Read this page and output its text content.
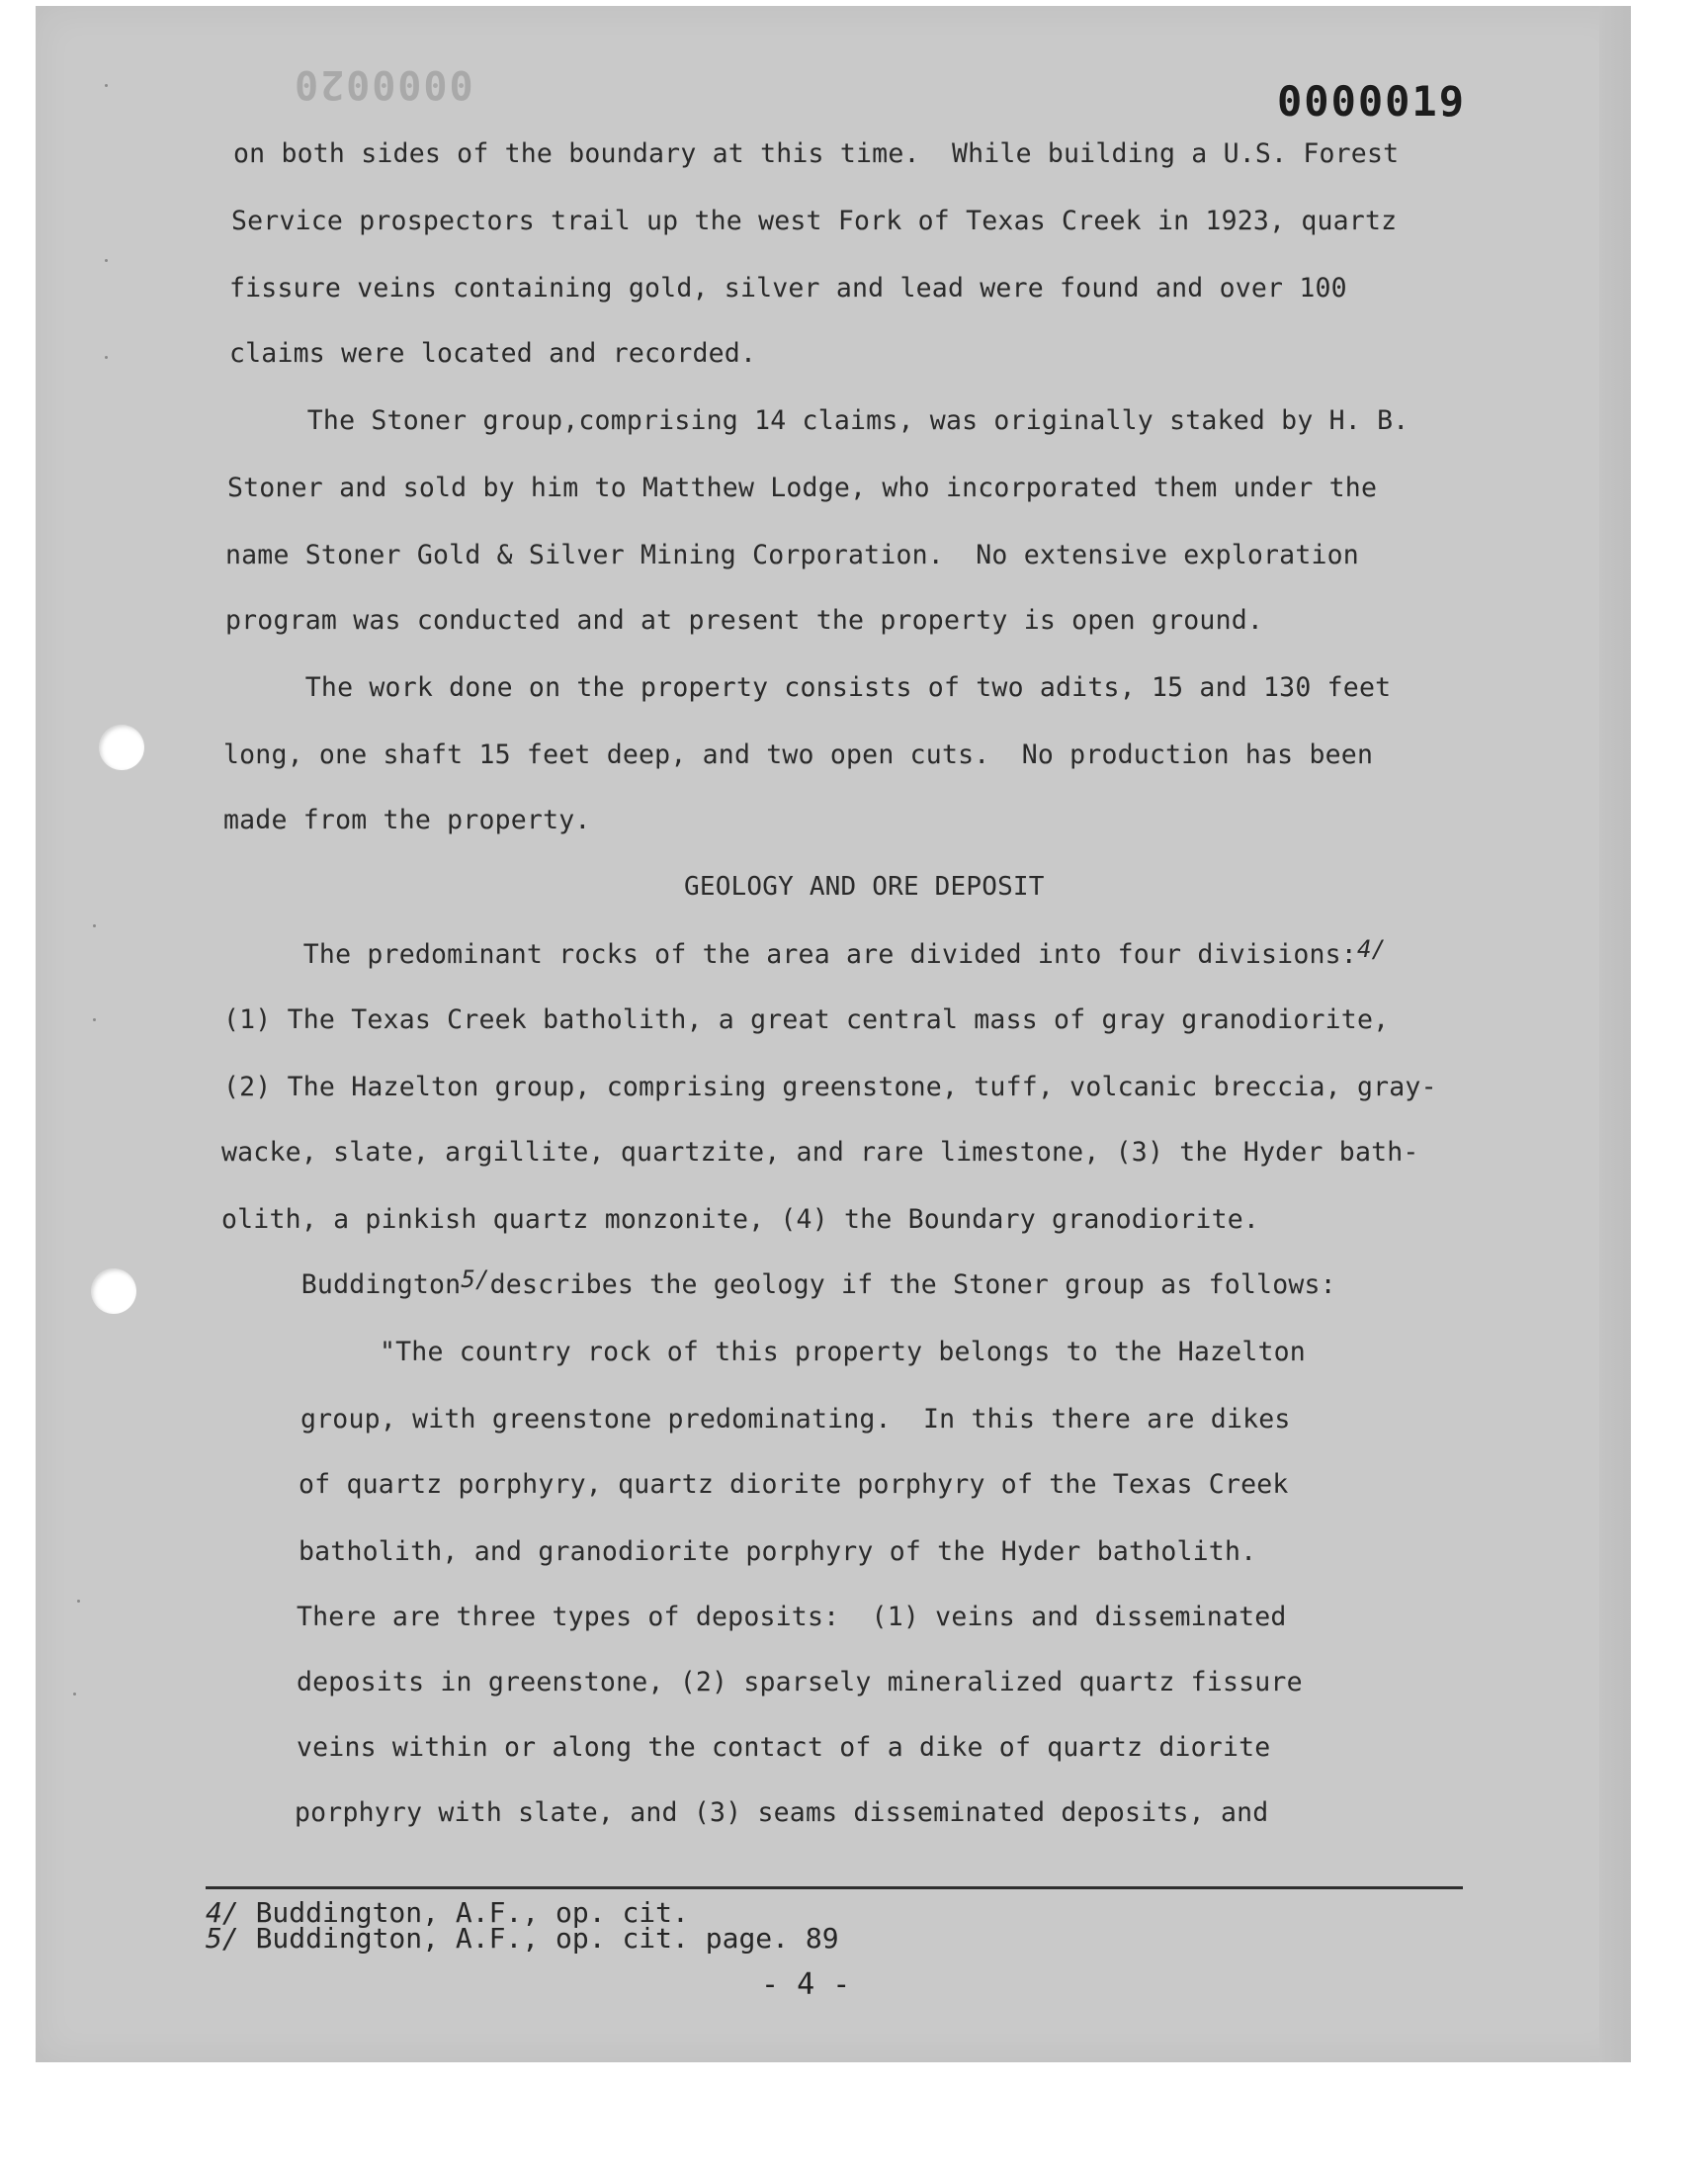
0000020	0000019
on both sides of the boundary at this time.  While building a U.S. Forest
Service prospectors trail up the west Fork of Texas Creek in 1923, quartz
fissure veins containing gold, silver and lead were found and over 100
claims were located and recorded.
The Stoner group,comprising 14 claims, was originally staked by H. B.
Stoner and sold by him to Matthew Lodge, who incorporated them under the
name Stoner Gold & Silver Mining Corporation.  No extensive exploration
program was conducted and at present the property is open ground.
The work done on the property consists of two adits, 15 and 130 feet
long, one shaft 15 feet deep, and two open cuts.  No production has been
made from the property.
GEOLOGY AND ORE DEPOSIT
The predominant rocks of the area are divided into four divisions:$^{4/}$
(1) The Texas Creek batholith, a great central mass of gray granodiorite,
(2) The Hazelton group, comprising greenstone, tuff, volcanic breccia, gray-
wacke, slate, argillite, quartzite, and rare limestone, (3) the Hyder bath-
olith, a pinkish quartz monzonite, (4) the Boundary granodiorite.
Buddington$^{5/}$describes the geology if the Stoner group as follows:
"The country rock of this property belongs to the Hazelton
group, with greenstone predominating.  In this there are dikes
of quartz porphyry, quartz diorite porphyry of the Texas Creek
batholith, and granodiorite porphyry of the Hyder batholith.
There are three types of deposits:  (1) veins and disseminated
deposits in greenstone, (2) sparsely mineralized quartz fissure
veins within or along the contact of a dike of quartz diorite
porphyry with slate, and (3) seams disseminated deposits, and
4/ Buddington, A.F., op. cit.
5/ Buddington, A.F., op. cit. page. 89
- 4 -
